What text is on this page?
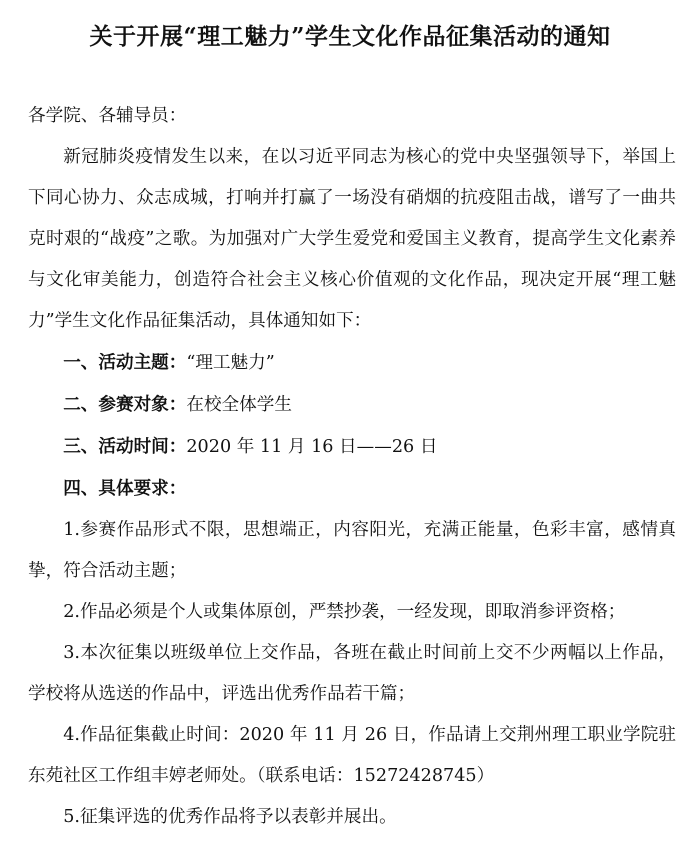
关于开展“理工魅力”学生文化作品征集活动的通知
各学院、各辅导员：
新冠肺炎疫情发生以来，在以习近平同志为核心的党中央坚强领导下，举国上下同心协力、众志成城，打响并打赢了一场没有硝烟的抗疫阻击战，谱写了一曲共克时艰的“战疫”之歌。为加强对广大学生爱党和爱国主义教育，提高学生文化素养与文化审美能力，创造符合社会主义核心价值观的文化作品，现决定开展“理工魅力”学生文化作品征集活动，具体通知如下：
一、活动主题：“理工魅力”
二、参赛对象：在校全体学生
三、活动时间：2020 年 11 月 16 日——26 日
四、具体要求：
1.参赛作品形式不限，思想端正，内容阳光，充满正能量，色彩丰富，感情真挚，符合活动主题；
2.作品必须是个人或集体原创，严禁抄袭，一经发现，即取消参评资格；
3.本次征集以班级单位上交作品，各班在截止时间前上交不少两幅以上作品，学校将从选送的作品中，评选出优秀作品若干篇；
4.作品征集截止时间：2020 年 11 月 26 日，作品请上交荆州理工职业学院驻东苑社区工作组丰婷老师处。（联系电话：15272428745）
5.征集评选的优秀作品将予以表彰并展出。
